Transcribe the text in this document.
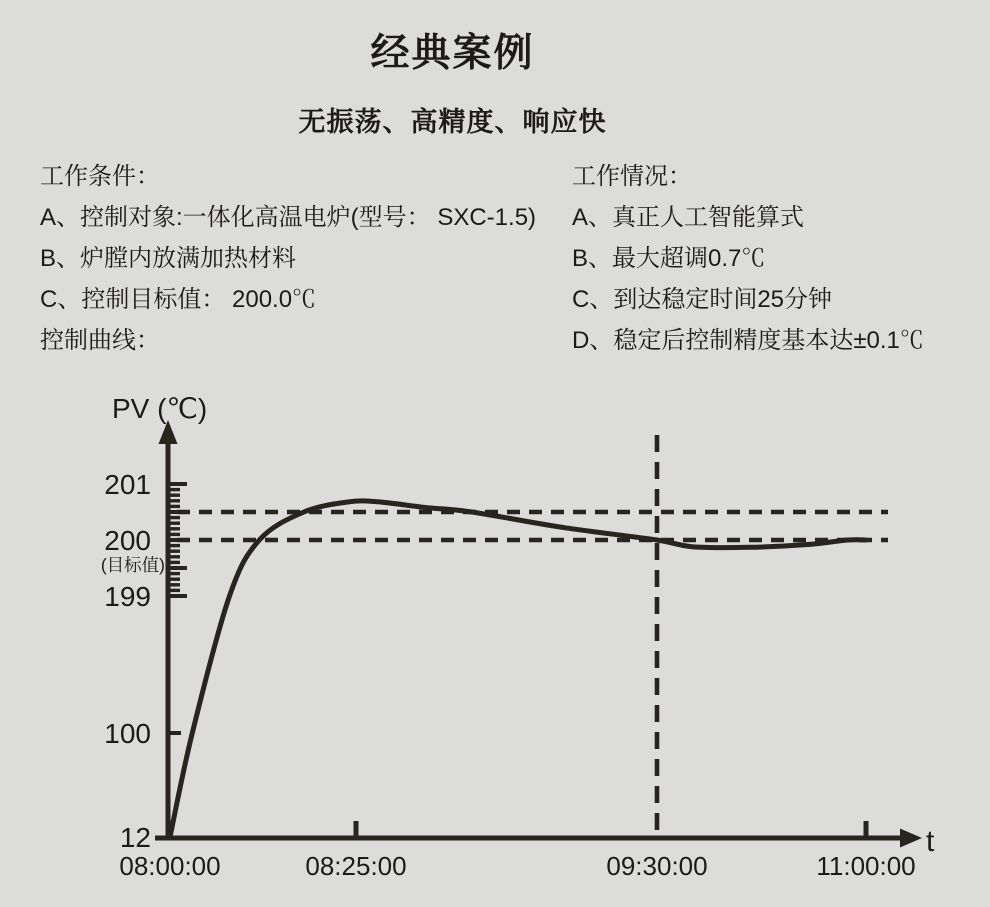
经典案例
无振荡、高精度、响应快
工作条件：
A、控制对象:一体化高温电炉(型号： SXC-1.5)
B、炉膛内放满加热材料
C、控制目标值： 200.0℃
控制曲线：
工作情况：
A、真正人工智能算式
B、最大超调0.7℃
C、到达稳定时间25分钟
D、稳定后控制精度基本达±0.1℃
08:00:00	08:25:00	09:30:00	11:00:00
201
200
(目标值)
199
100
12
PV (℃)
t
